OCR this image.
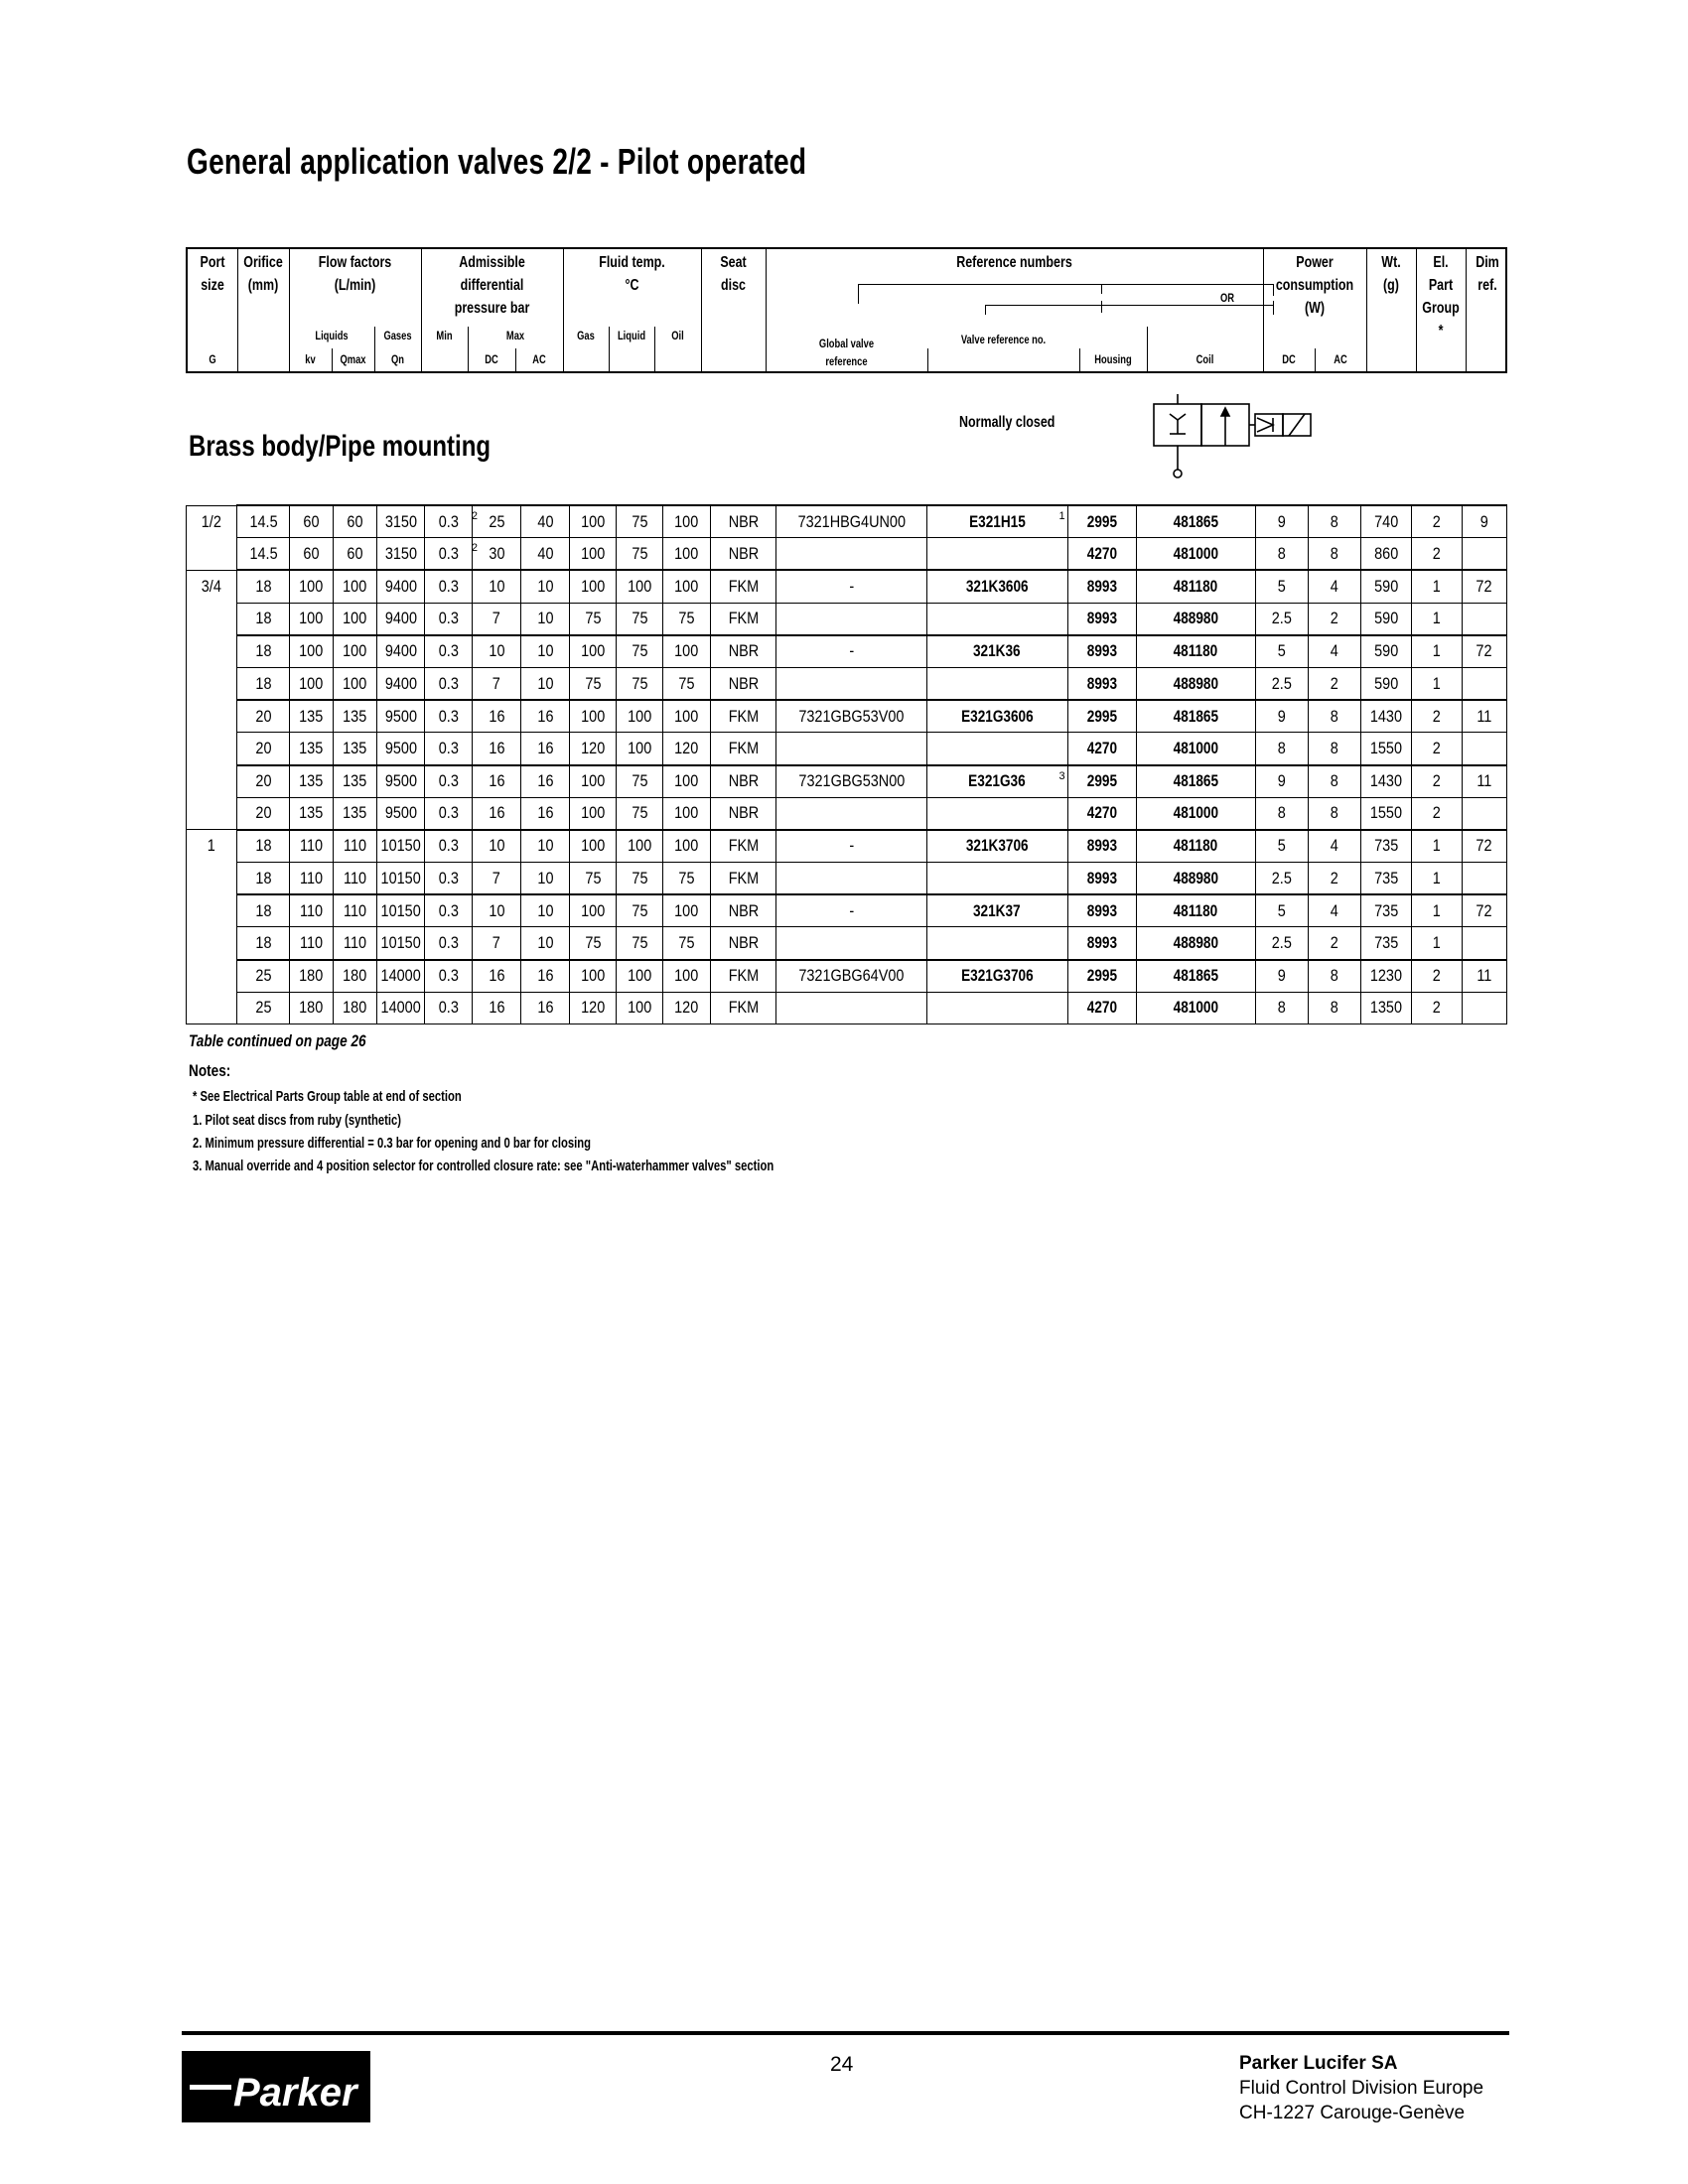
General application valves 2/2 - Pilot operated
Port
size
G
Orifice
(mm)
Flow factors
(L/min)
Liquids	Gases
kv	Qmax	Qn
Admissible
differential
pressure bar
Min	Max
DC	AC
Fluid temp.
°C
Gas	Liquid	Oil
Seat
disc
Reference numbers
OR
Global valve
reference
Valve reference no.
Housing	Coil
Power
consumption
(W)
DC	AC
Wt.
(g)
El.
Part
Group
*
Dim
ref.
Brass body/Pipe mounting
Normally closed
1/2	14.5	60	60	3150	0.3 2	25	40	100	75	100	NBR	7321HBG4UN00	E321H15 1	2995	481865	9	8	740	2	9
	14.5	60	60	3150	0.3 2	30	40	100	75	100	NBR			4270	481000	8	8	860	2	
3/4	18	100	100	9400	0.3	10	10	100	100	100	FKM	-	321K3606	8993	481180	5	4	590	1	72
	18	100	100	9400	0.3	7	10	75	75	75	FKM			8993	488980	2.5	2	590	1	
	18	100	100	9400	0.3	10	10	100	75	100	NBR	-	321K36	8993	481180	5	4	590	1	72
	18	100	100	9400	0.3	7	10	75	75	75	NBR			8993	488980	2.5	2	590	1	
	20	135	135	9500	0.3	16	16	100	100	100	FKM	7321GBG53V00	E321G3606	2995	481865	9	8	1430	2	11
	20	135	135	9500	0.3	16	16	120	100	120	FKM			4270	481000	8	8	1550	2	
	20	135	135	9500	0.3	16	16	100	75	100	NBR	7321GBG53N00	E321G36 3	2995	481865	9	8	1430	2	11
	20	135	135	9500	0.3	16	16	100	75	100	NBR			4270	481000	8	8	1550	2	
1	18	110	110	10150	0.3	10	10	100	100	100	FKM	-	321K3706	8993	481180	5	4	735	1	72
	18	110	110	10150	0.3	7	10	75	75	75	FKM			8993	488980	2.5	2	735	1	
	18	110	110	10150	0.3	10	10	100	75	100	NBR	-	321K37	8993	481180	5	4	735	1	72
	18	110	110	10150	0.3	7	10	75	75	75	NBR			8993	488980	2.5	2	735	1	
	25	180	180	14000	0.3	16	16	100	100	100	FKM	7321GBG64V00	E321G3706	2995	481865	9	8	1230	2	11
	25	180	180	14000	0.3	16	16	120	100	120	FKM			4270	481000	8	8	1350	2	
Table continued on page 26
Notes:
* See Electrical Parts Group table at end of section
1. Pilot seat discs from ruby (synthetic)
2. Minimum pressure differential = 0.3 bar for opening and 0 bar for closing
3. Manual override and 4 position selector for controlled closure rate: see "Anti-waterhammer valves" section
Parker
24	Parker Lucifer SA
Fluid Control Division Europe
CH-1227 Carouge-Genève
